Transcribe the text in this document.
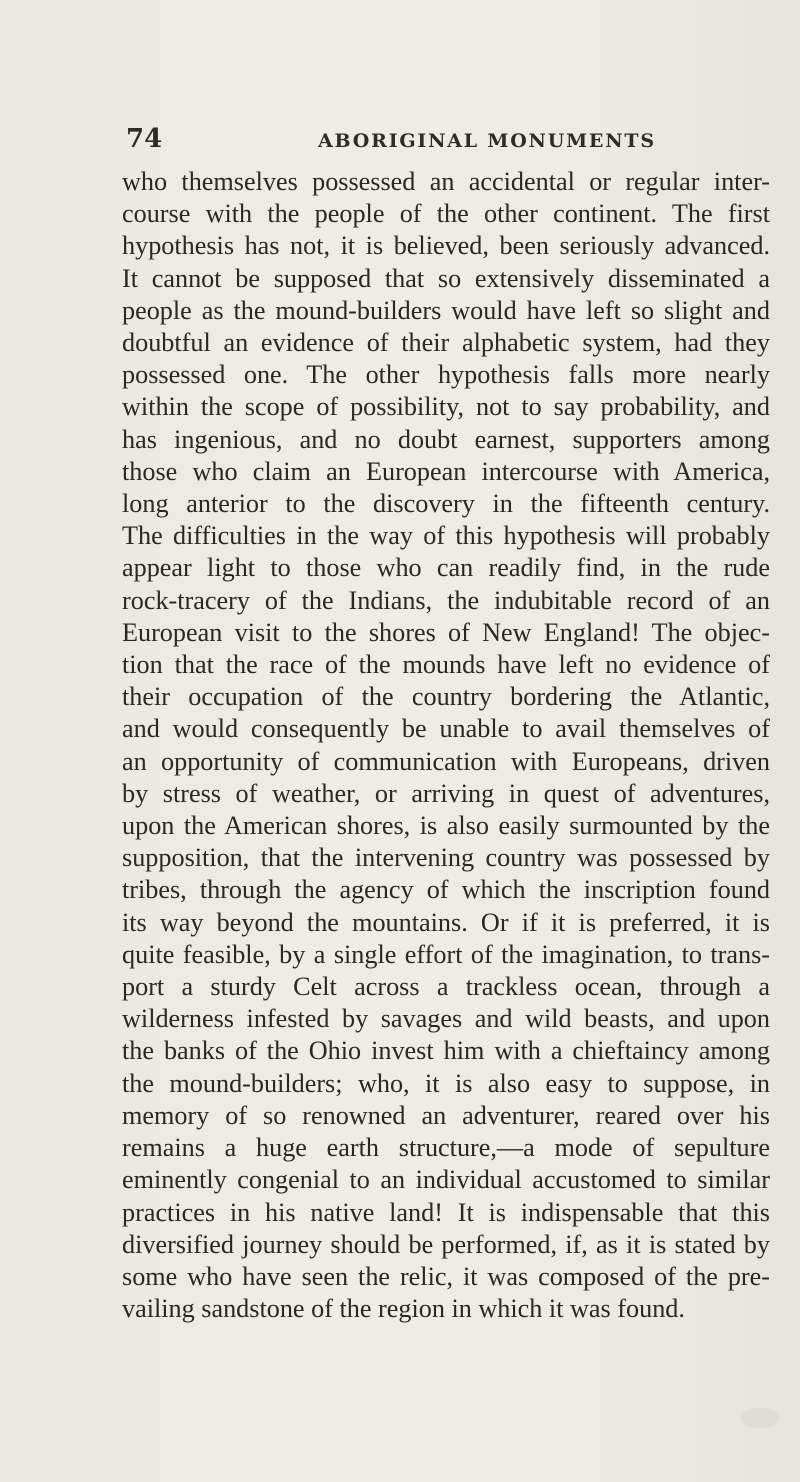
74	ABORIGINAL MONUMENTS
who themselves possessed an accidental or regular inter-
course with the people of the other continent. The first
hypothesis has not, it is believed, been seriously advanced.
It cannot be supposed that so extensively disseminated a
people as the mound-builders would have left so slight and
doubtful an evidence of their alphabetic system, had they
possessed one. The other hypothesis falls more nearly
within the scope of possibility, not to say probability, and
has ingenious, and no doubt earnest, supporters among
those who claim an European intercourse with America,
long anterior to the discovery in the fifteenth century.
The difficulties in the way of this hypothesis will probably
appear light to those who can readily find, in the rude
rock-tracery of the Indians, the indubitable record of an
European visit to the shores of New England! The objec-
tion that the race of the mounds have left no evidence of
their occupation of the country bordering the Atlantic,
and would consequently be unable to avail themselves of
an opportunity of communication with Europeans, driven
by stress of weather, or arriving in quest of adventures,
upon the American shores, is also easily surmounted by the
supposition, that the intervening country was possessed by
tribes, through the agency of which the inscription found
its way beyond the mountains. Or if it is preferred, it is
quite feasible, by a single effort of the imagination, to trans-
port a sturdy Celt across a trackless ocean, through a
wilderness infested by savages and wild beasts, and upon
the banks of the Ohio invest him with a chieftaincy among
the mound-builders; who, it is also easy to suppose, in
memory of so renowned an adventurer, reared over his
remains a huge earth structure,—a mode of sepulture
eminently congenial to an individual accustomed to similar
practices in his native land! It is indispensable that this
diversified journey should be performed, if, as it is stated by
some who have seen the relic, it was composed of the pre-
vailing sandstone of the region in which it was found.
